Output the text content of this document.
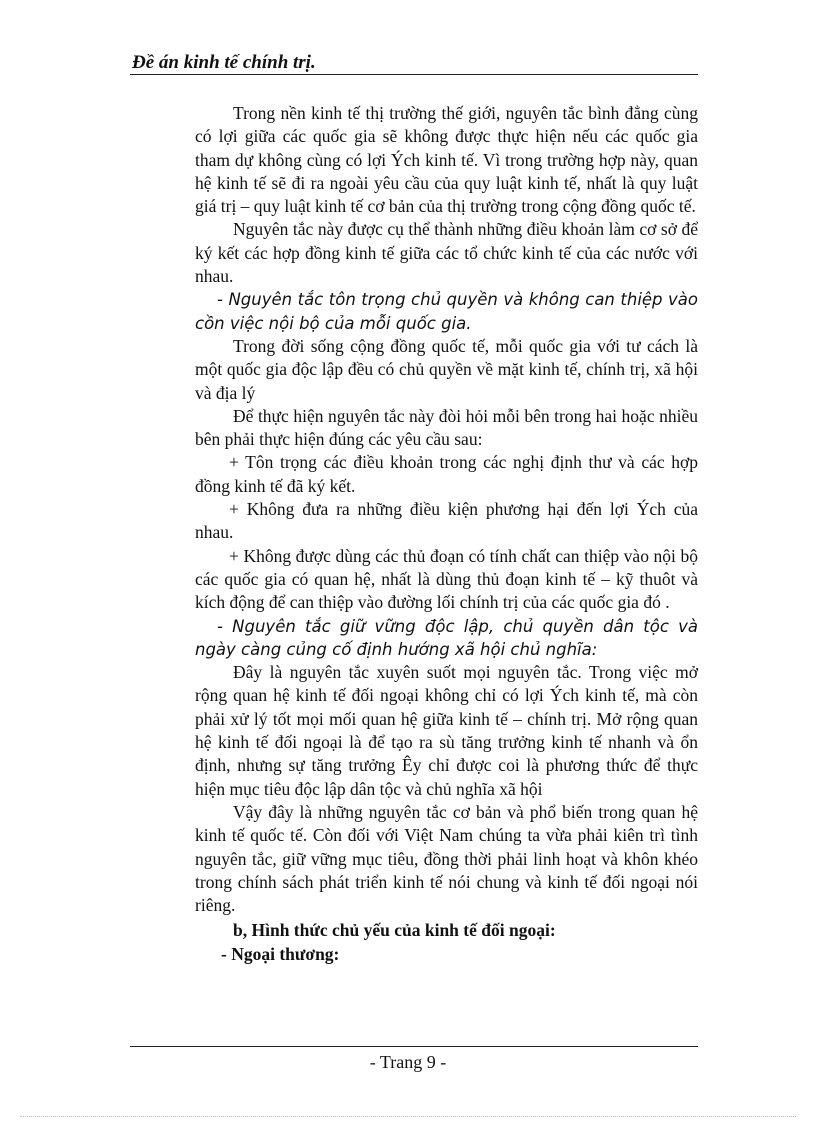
Đề án kinh tế chính trị.

Trong nền kinh tế thị trường thế giới, nguyên tắc bình đẳng cùng có lợi giữa các quốc gia sẽ không được thực hiện nếu các quốc gia tham dự không cùng có lợi Ých kinh tế. Vì trong trường hợp này, quan hệ kinh tế sẽ đi ra ngoài yêu cầu của quy luật kinh tế, nhất là quy luật giá trị – quy luật kinh tế cơ bản của thị trường trong cộng đồng quốc tế.

Nguyên tắc này được cụ thể thành những điều khoản làm cơ sở để ký kết các hợp đồng kinh tế giữa các tổ chức kinh tế của các nước với nhau.

- Nguyên tắc tôn trọng chủ quyền và không can thiệp vào cồn việc nội bộ của mỗi quốc gia.

Trong đời sống cộng đồng quốc tế, mỗi quốc gia với tư cách là một quốc gia độc lập đều có chủ quyền về mặt kinh tế, chính trị, xã hội và địa lý

Để thực hiện nguyên tắc này đòi hỏi mỗi bên trong hai hoặc nhiều bên phải thực hiện đúng các yêu cầu sau:

+ Tôn trọng các điều khoản trong các nghị định thư và các hợp đồng kinh tế đã ký kết.

+ Không đưa ra những điều kiện phương hại đến lợi Ých của nhau.

+ Không được dùng các thủ đoạn có tính chất can thiệp vào nội bộ các quốc gia có quan hệ, nhất là dùng thủ đoạn kinh tế – kỹ thuôt và kích động để can thiệp vào đường lối chính trị của các quốc gia đó .

- Nguyên tắc giữ vững độc lập, chủ quyền dân tộc và ngày càng củng cố định hướng xã hội chủ nghĩa:

Đây là nguyên tắc xuyên suốt mọi nguyên tắc. Trong việc mở rộng quan hệ kinh tế đối ngoại không chỉ có lợi Ých kinh tế, mà còn phải xử lý tốt mọi mối quan hệ giữa kinh tế – chính trị. Mở rộng quan hệ kinh tế đối ngoại là để tạo ra sù tăng trưởng kinh tế nhanh và ổn định, nhưng sự tăng trưởng Êy chỉ được coi là phương thức để thực hiện mục tiêu độc lập dân tộc và chủ nghĩa xã hội

Vậy đây là những nguyên tắc cơ bản và phổ biến trong quan hệ kinh tế quốc tế. Còn đối với Việt Nam chúng ta vừa phải kiên trì tình nguyên tắc, giữ vững mục tiêu, đồng thời phải linh hoạt và khôn khéo trong chính sách phát triển kinh tế nói chung và kinh tế đối ngoại nói riêng.

b, Hình thức chủ yếu của kinh tế đối ngoại:

- Ngoại thương:

- Trang 9 -
